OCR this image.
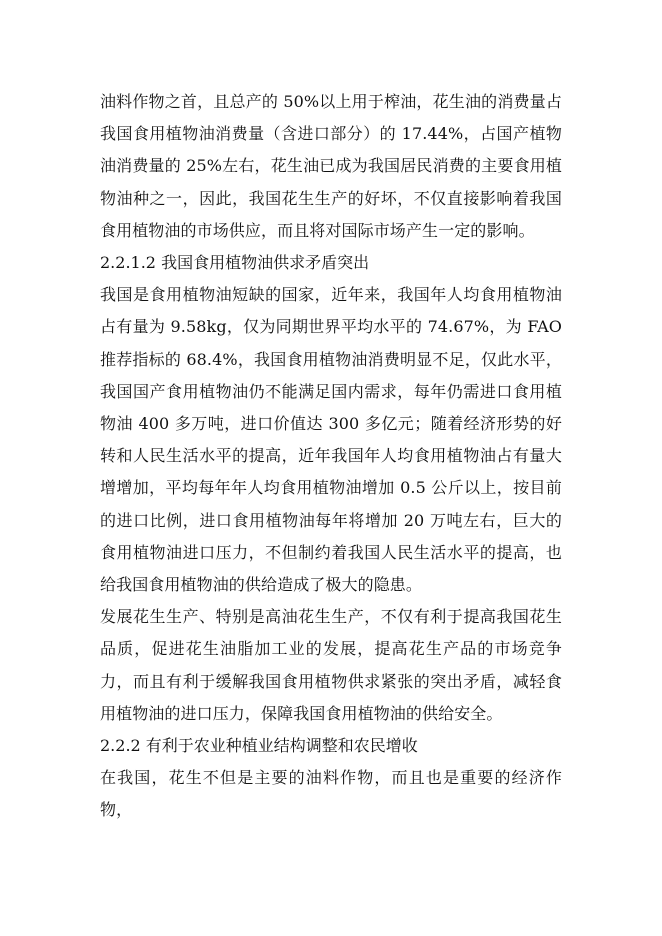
油料作物之首，且总产的 50%以上用于榨油，花生油的消费量占我国食用植物油消费量（含进口部分）的 17.44%，占国产植物油消费量的 25%左右，花生油已成为我国居民消费的主要食用植物油种之一，因此，我国花生生产的好坏，不仅直接影响着我国食用植物油的市场供应，而且将对国际市场产生一定的影响。

2.2.1.2 我国食用植物油供求矛盾突出

我国是食用植物油短缺的国家，近年来，我国年人均食用植物油占有量为 9.58kg，仅为同期世界平均水平的 74.67%，为 FAO 推荐指标的 68.4%，我国食用植物油消费明显不足，仅此水平，我国国产食用植物油仍不能满足国内需求，每年仍需进口食用植物油 400 多万吨，进口价值达 300 多亿元；随着经济形势的好转和人民生活水平的提高，近年我国年人均食用植物油占有量大增增加，平均每年年人均食用植物油增加 0.5 公斤以上，按目前的进口比例，进口食用植物油每年将增加 20 万吨左右，巨大的食用植物油进口压力，不但制约着我国人民生活水平的提高，也给我国食用植物油的供给造成了极大的隐患。

发展花生生产、特别是高油花生生产，不仅有利于提高我国花生品质，促进花生油脂加工业的发展，提高花生产品的市场竞争力，而且有利于缓解我国食用植物供求紧张的突出矛盾，减轻食用植物油的进口压力，保障我国食用植物油的供给安全。

2.2.2 有利于农业种植业结构调整和农民增收

在我国，花生不但是主要的油料作物，而且也是重要的经济作物，
